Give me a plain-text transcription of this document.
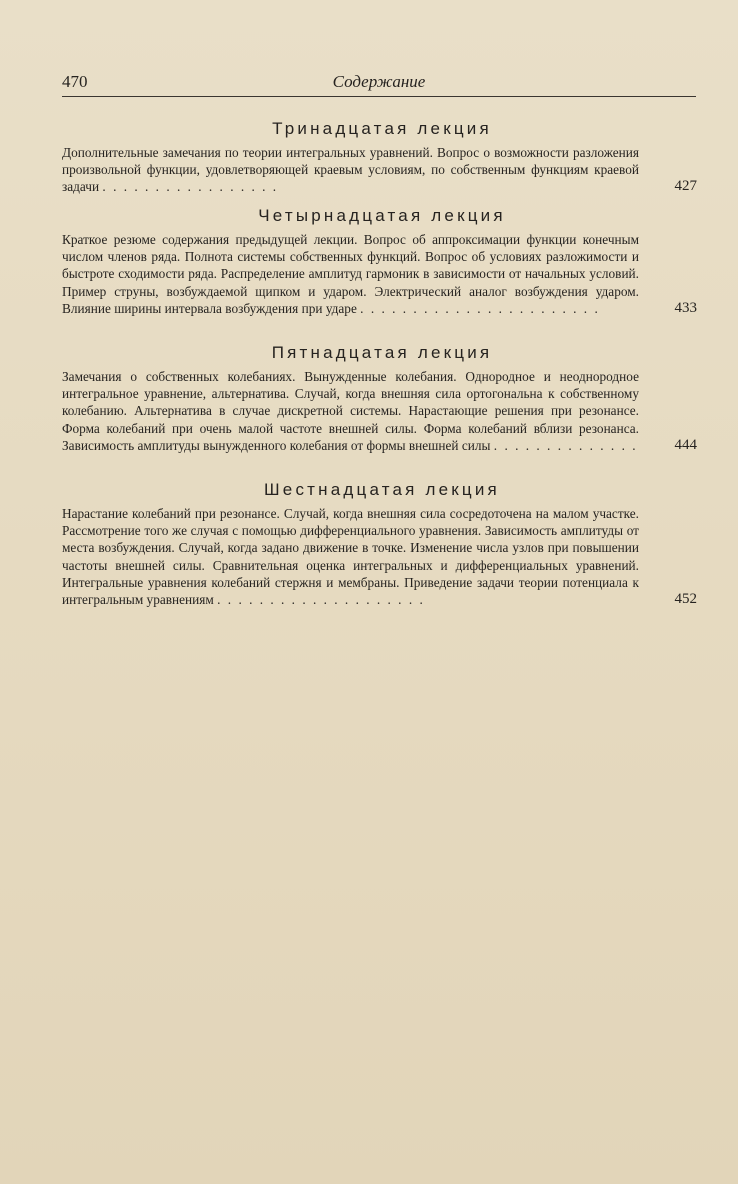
470	Содержание
Тринадцатая лекция
Дополнительные замечания по теории интегральных уравнений. Вопрос о возможности разложения произвольной функции, удовлетворяющей краевым условиям, по собственным функциям краевой задачи . . . . . . . . . . . . . . . . .	427
Четырнадцатая лекция
Краткое резюме содержания предыдущей лекции. Вопрос об аппроксимации функции конечным числом членов ряда. Полнота системы собственных функций. Вопрос об условиях разложимости и быстроте сходимости ряда. Распределение амплитуд гармоник в зависимости от начальных условий. Пример струны, возбуждаемой щипком и ударом. Электрический аналог возбуждения ударом. Влияние ширины интервала возбуждения при ударе . . . . . . . . . . . . . . . . . . . . . . .	433
Пятнадцатая лекция
Замечания о собственных колебаниях. Вынужденные колебания. Однородное и неоднородное интегральное уравнение, альтернатива. Случай, когда внешняя сила ортогональна к собственному колебанию. Альтернатива в случае дискретной системы. Нарастающие решения при резонансе. Форма колебаний при очень малой частоте внешней силы. Форма колебаний вблизи резонанса. Зависимость амплитуды вынужденного колебания от формы внешней силы . . . . . . . . . . . . . . 444
Шестнадцатая лекция
Нарастание колебаний при резонансе. Случай, когда внешняя сила сосредоточена на малом участке. Рассмотрение того же случая с помощью дифференциального уравнения. Зависимость амплитуды от места возбуждения. Случай, когда задано движение в точке. Изменение числа узлов при повышении частоты внешней силы. Сравнительная оценка интегральных и дифференциальных уравнений. Интегральные уравнения колебаний стержня и мембраны. Приведение задачи теории потенциала к интегральным уравнениям . . . . . . . . . . . . . . . . . . . .	452
